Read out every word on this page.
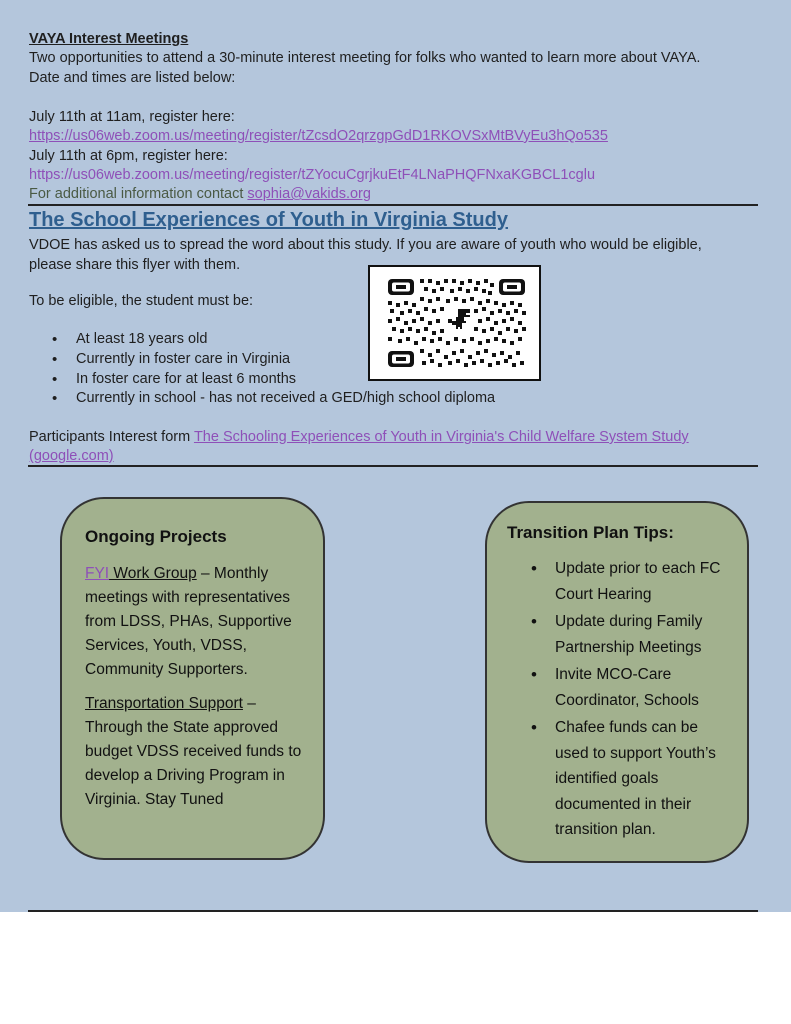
VAYA Interest Meetings
Two opportunities to attend a 30-minute interest meeting for folks who wanted to learn more about VAYA.
Date and times are listed below:
July 11th at 11am, register here:
https://us06web.zoom.us/meeting/register/tZcsdO2qrzgpGdD1RKOVSxMtBVyEu3hQo535
July 11th at 6pm, register here:
https://us06web.zoom.us/meeting/register/tZYocuCgrjkuEtF4LNaPHQFNxaKGBCL1cglu
For additional information contact sophia@vakids.org
The School Experiences of Youth in Virginia Study
VDOE has asked us to spread the word about this study. If you are aware of youth who would be eligible,
please share this flyer with them.
To be eligible, the student must be:
• At least 18 years old
• Currently in foster care in Virginia
• In foster care for at least 6 months
• Currently in school - has not received a GED/high school diploma
Participants Interest form The Schooling Experiences of Youth in Virginia's Child Welfare System Study
(google.com)
Ongoing Projects
FYI Work Group – Monthly meetings with representatives from LDSS, PHAs, Supportive Services, Youth, VDSS, Community Supporters.
Transportation Support – Through the State approved budget VDSS received funds to develop a Driving Program in Virginia. Stay Tuned
Transition Plan Tips:
• Update prior to each FC Court Hearing
• Update during Family Partnership Meetings
• Invite MCO-Care Coordinator, Schools
• Chafee funds can be used to support Youth’s identified goals documented in their transition plan.
